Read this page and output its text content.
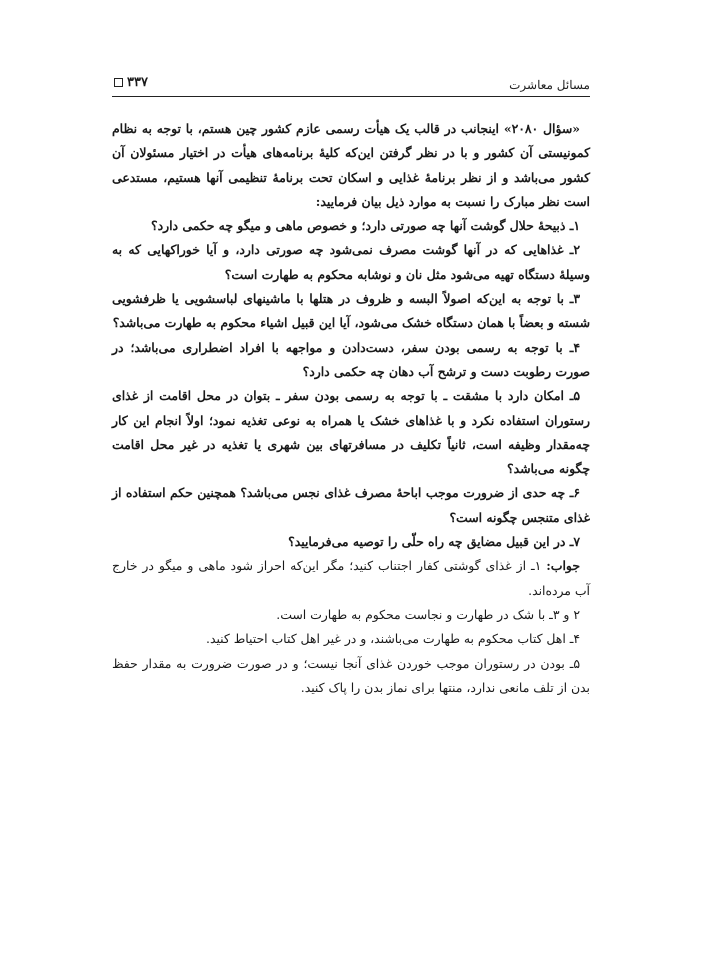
مسائل معاشرت
۳۳۷

«سؤال ۲۰۸۰» اینجانب در قالب یک هیأت رسمی عازم کشور چین هستم، با توجه به نظام کمونیستی آن کشور و با در نظر گرفتن این‌که کلیهٔ برنامه‌های هیأت در اختیار مسئولان آن کشور می‌باشد و از نظر برنامهٔ غذایی و اسکان تحت برنامهٔ تنظیمی آنها هستیم، مستدعی است نظر مبارک را نسبت به موارد ذیل بیان فرمایید:

۱ـ ذبیحهٔ حلال گوشت آنها چه صورتی دارد؛ و خصوص ماهی و میگو چه حکمی دارد؟

۲ـ غذاهایی که در آنها گوشت مصرف نمی‌شود چه صورتی دارد، و آیا خوراکهایی که به وسیلهٔ دستگاه تهیه می‌شود مثل نان و نوشابه محکوم به طهارت است؟

۳ـ با توجه به این‌که اصولاً البسه و ظروف در هتلها با ماشینهای لباسشویی یا ظرفشویی شسته و بعضاً با همان دستگاه خشک می‌شود، آیا این قبیل اشیاء محکوم به طهارت می‌باشد؟

۴ـ با توجه به رسمی بودن سفر، دست‌دادن و مواجهه با افراد اضطراری می‌باشد؛ در صورت رطوبت دست و ترشح آب دهان چه حکمی دارد؟

۵ـ امکان دارد با مشقت ـ با توجه به رسمی بودن سفر ـ بتوان در محل اقامت از غذای رستوران استفاده نکرد و با غذاهای خشک یا همراه به نوعی تغذیه نمود؛ اولاً انجام این کار چه‌مقدار وظیفه است، ثانیاً تکلیف در مسافرتهای بین شهری یا تغذیه در غیر محل اقامت چگونه می‌باشد؟

۶ـ چه حدی از ضرورت موجب اباحهٔ مصرف غذای نجس می‌باشد؟ همچنین حکم استفاده از غذای متنجس چگونه است؟

۷ـ در این قبیل مضایق چه راه حلّی را توصیه می‌فرمایید؟

جواب: ۱ـ از غذای گوشتی کفار اجتناب کنید؛ مگر این‌که احراز شود ماهی و میگو در خارج آب مرده‌اند.

۲ و ۳ـ با شک در طهارت و نجاست محکوم به طهارت است.

۴ـ اهل کتاب محکوم به طهارت می‌باشند، و در غیر اهل کتاب احتیاط کنید.

۵ـ بودن در رستوران موجب خوردن غذای آنجا نیست؛ و در صورت ضرورت به مقدار حفظ بدن از تلف مانعی ندارد، منتها برای نماز بدن را پاک کنید.
